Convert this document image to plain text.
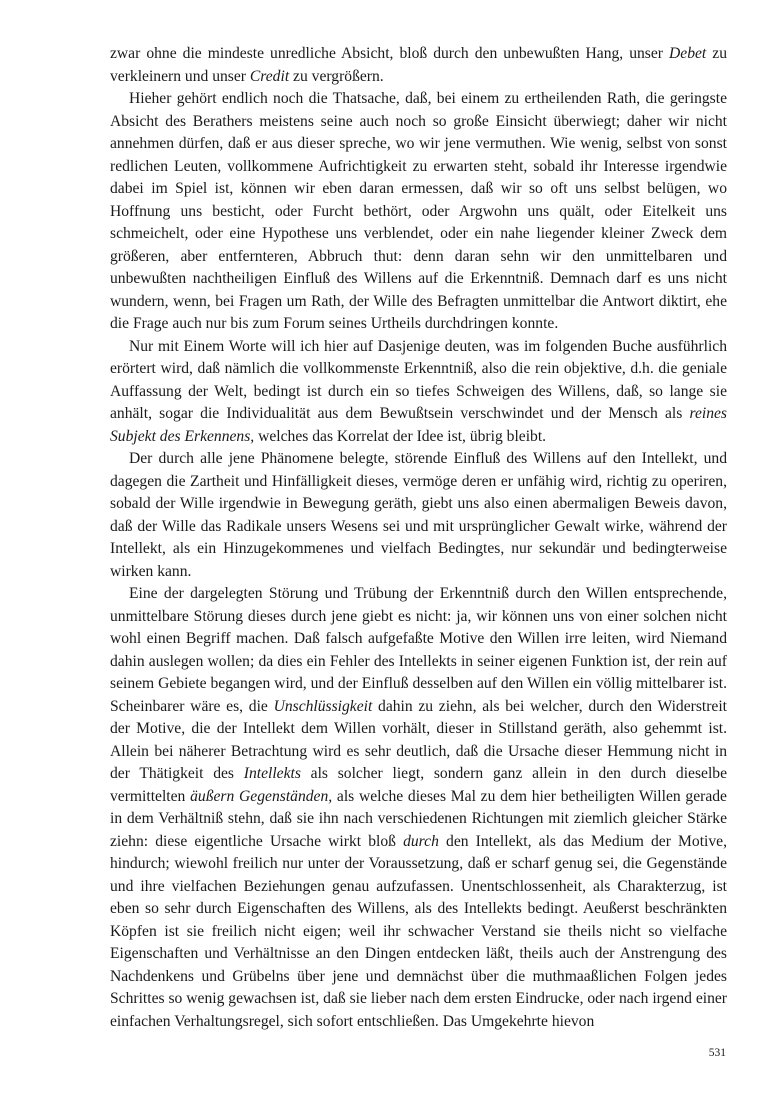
zwar ohne die mindeste unredliche Absicht, bloß durch den unbewußten Hang, unser Debet zu verkleinern und unser Credit zu vergrößern.

Hieher gehört endlich noch die Thatsache, daß, bei einem zu ertheilenden Rath, die geringste Absicht des Berathers meistens seine auch noch so große Einsicht überwiegt; daher wir nicht annehmen dürfen, daß er aus dieser spreche, wo wir jene vermuthen. Wie wenig, selbst von sonst redlichen Leuten, vollkommene Aufrichtigkeit zu erwarten steht, sobald ihr Interesse irgendwie dabei im Spiel ist, können wir eben daran ermessen, daß wir so oft uns selbst belügen, wo Hoffnung uns besticht, oder Furcht bethört, oder Argwohn uns quält, oder Eitelkeit uns schmeichelt, oder eine Hypothese uns verblendet, oder ein nahe liegender kleiner Zweck dem größeren, aber entfernteren, Abbruch thut: denn daran sehn wir den unmittelbaren und unbewußten nachtheiligen Einfluß des Willens auf die Erkenntniß. Demnach darf es uns nicht wundern, wenn, bei Fragen um Rath, der Wille des Befragten unmittelbar die Antwort diktirt, ehe die Frage auch nur bis zum Forum seines Urtheils durchdringen konnte.

Nur mit Einem Worte will ich hier auf Dasjenige deuten, was im folgenden Buche ausführlich erörtert wird, daß nämlich die vollkommenste Erkenntniß, also die rein objektive, d.h. die geniale Auffassung der Welt, bedingt ist durch ein so tiefes Schweigen des Willens, daß, so lange sie anhält, sogar die Individualität aus dem Bewußtsein verschwindet und der Mensch als reines Subjekt des Erkennens, welches das Korrelat der Idee ist, übrig bleibt.

Der durch alle jene Phänomene belegte, störende Einfluß des Willens auf den Intellekt, und dagegen die Zartheit und Hinfälligkeit dieses, vermöge deren er unfähig wird, richtig zu operiren, sobald der Wille irgendwie in Bewegung geräth, giebt uns also einen abermaligen Beweis davon, daß der Wille das Radikale unsers Wesens sei und mit ursprünglicher Gewalt wirke, während der Intellekt, als ein Hinzugekommenes und vielfach Bedingtes, nur sekundär und bedingterweise wirken kann.

Eine der dargelegten Störung und Trübung der Erkenntniß durch den Willen entsprechende, unmittelbare Störung dieses durch jene giebt es nicht: ja, wir können uns von einer solchen nicht wohl einen Begriff machen. Daß falsch aufgefaßte Motive den Willen irre leiten, wird Niemand dahin auslegen wollen; da dies ein Fehler des Intellekts in seiner eigenen Funktion ist, der rein auf seinem Gebiete begangen wird, und der Einfluß desselben auf den Willen ein völlig mittelbarer ist. Scheinbarer wäre es, die Unschlüssigkeit dahin zu ziehn, als bei welcher, durch den Widerstreit der Motive, die der Intellekt dem Willen vorhält, dieser in Stillstand geräth, also gehemmt ist. Allein bei näherer Betrachtung wird es sehr deutlich, daß die Ursache dieser Hemmung nicht in der Thätigkeit des Intellekts als solcher liegt, sondern ganz allein in den durch dieselbe vermittelten äußern Gegenständen, als welche dieses Mal zu dem hier betheiligten Willen gerade in dem Verhältniß stehn, daß sie ihn nach verschiedenen Richtungen mit ziemlich gleicher Stärke ziehn: diese eigentliche Ursache wirkt bloß durch den Intellekt, als das Medium der Motive, hindurch; wiewohl freilich nur unter der Voraussetzung, daß er scharf genug sei, die Gegenstände und ihre vielfachen Beziehungen genau aufzufassen. Unentschlossenheit, als Charakterzug, ist eben so sehr durch Eigenschaften des Willens, als des Intellekts bedingt. Aeußerst beschränkten Köpfen ist sie freilich nicht eigen; weil ihr schwacher Verstand sie theils nicht so vielfache Eigenschaften und Verhältnisse an den Dingen entdecken läßt, theils auch der Anstrengung des Nachdenkens und Grübelns über jene und demnächst über die muthmaaßlichen Folgen jedes Schrittes so wenig gewachsen ist, daß sie lieber nach dem ersten Eindrucke, oder nach irgend einer einfachen Verhaltungsregel, sich sofort entschließen. Das Umgekehrte hievon

531
